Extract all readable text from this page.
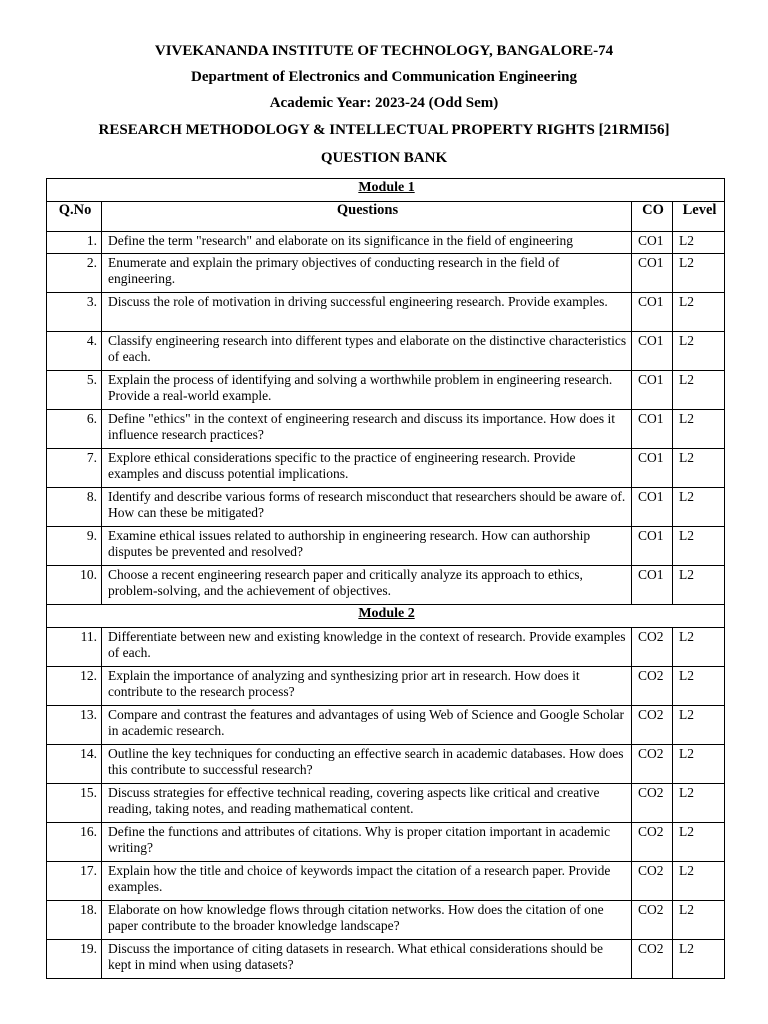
VIVEKANANDA INSTITUTE OF TECHNOLOGY, BANGALORE-74
Department of Electronics and Communication Engineering
Academic Year: 2023-24 (Odd Sem)
RESEARCH METHODOLOGY & INTELLECTUAL PROPERTY RIGHTS [21RMI56]
QUESTION BANK
Module 1			
Q.No	Questions	CO	Level
1.	Define the term "research" and elaborate on its significance in the field of engineering	CO1	L2
2.	Enumerate and explain the primary objectives of conducting research in the field of engineering.	CO1	L2
3.	Discuss the role of motivation in driving successful engineering research. Provide examples.	CO1	L2
4.	Classify engineering research into different types and elaborate on the distinctive characteristics of each.	CO1	L2
5.	Explain the process of identifying and solving a worthwhile problem in engineering research. Provide a real-world example.	CO1	L2
6.	Define "ethics" in the context of engineering research and discuss its importance. How does it influence research practices?	CO1	L2
7.	Explore ethical considerations specific to the practice of engineering research. Provide examples and discuss potential implications.	CO1	L2
8.	Identify and describe various forms of research misconduct that researchers should be aware of. How can these be mitigated?	CO1	L2
9.	Examine ethical issues related to authorship in engineering research. How can authorship disputes be prevented and resolved?	CO1	L2
10.	Choose a recent engineering research paper and critically analyze its approach to ethics, problem-solving, and the achievement of objectives.	CO1	L2
Module 2			
11.	Differentiate between new and existing knowledge in the context of research. Provide examples of each.	CO2	L2
12.	Explain the importance of analyzing and synthesizing prior art in research. How does it contribute to the research process?	CO2	L2
13.	Compare and contrast the features and advantages of using Web of Science and Google Scholar in academic research.	CO2	L2
14.	Outline the key techniques for conducting an effective search in academic databases. How does this contribute to successful research?	CO2	L2
15.	Discuss strategies for effective technical reading, covering aspects like critical and creative reading, taking notes, and reading mathematical content.	CO2	L2
16.	Define the functions and attributes of citations. Why is proper citation important in academic writing?	CO2	L2
17.	Explain how the title and choice of keywords impact the citation of a research paper. Provide examples.	CO2	L2
18.	Elaborate on how knowledge flows through citation networks. How does the citation of one paper contribute to the broader knowledge landscape?	CO2	L2
19.	Discuss the importance of citing datasets in research. What ethical considerations should be kept in mind when using datasets?	CO2	L2
